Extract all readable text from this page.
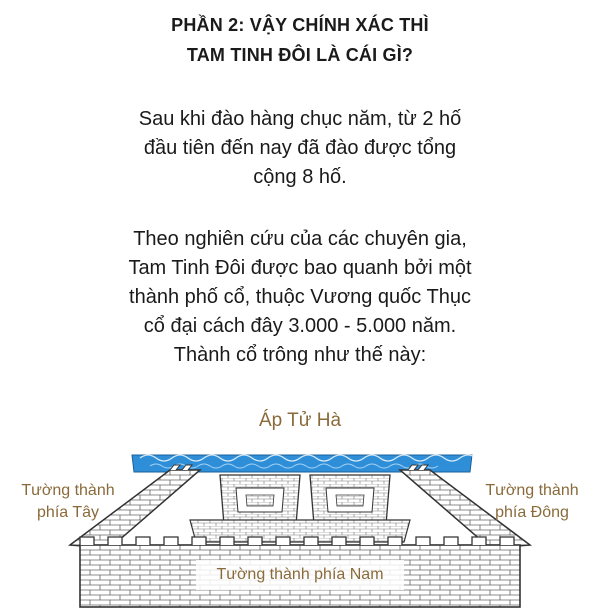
PHẦN 2: VẬY CHÍNH XÁC THÌ
TAM TINH ĐÔI LÀ CÁI GÌ?
Sau khi đào hàng chục năm, từ 2 hố
đầu tiên đến nay đã đào được tổng
cộng 8 hố.
Theo nghiên cứu của các chuyên gia,
Tam Tinh Đôi được bao quanh bởi một
thành phố cổ, thuộc Vương quốc Thục
cổ đại cách đây 3.000 - 5.000 năm.
Thành cổ trông như thế này:
Áp Tử Hà
Tường thành
phía Tây
Tường thành
phía Đông
Tường thành phía Nam
